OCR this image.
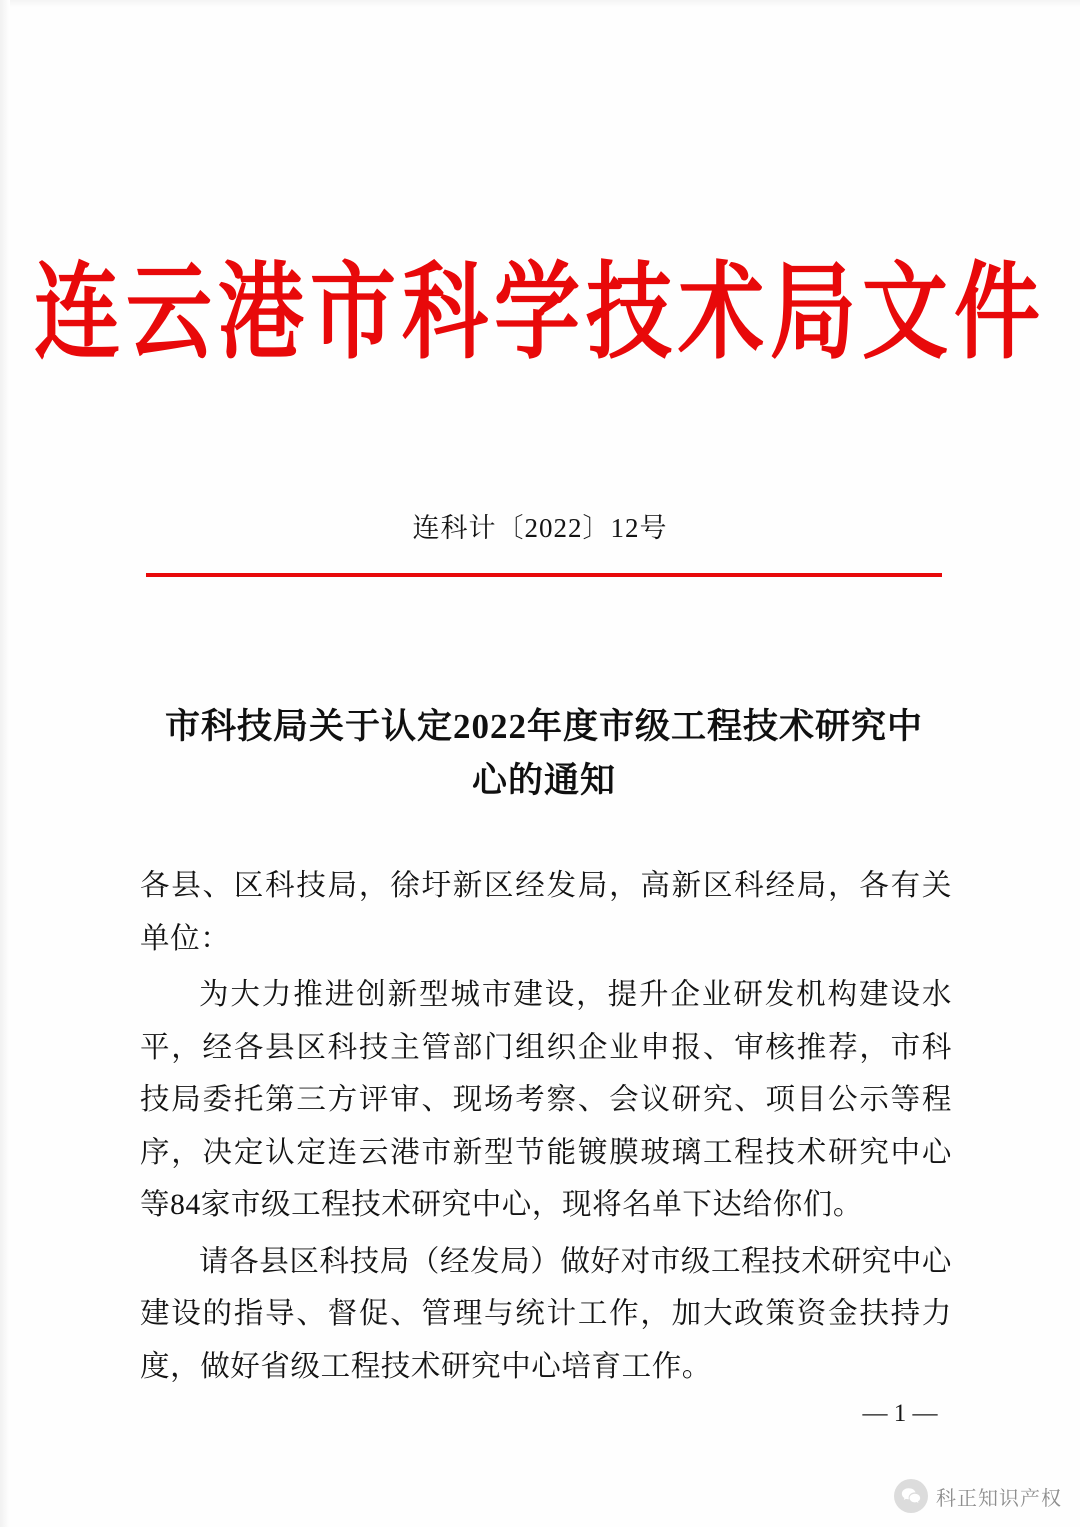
连云港市科学技术局文件
连科计〔2022〕12号
市科技局关于认定2022年度市级工程技术研究中心的通知

各县、区科技局，徐圩新区经发局，高新区科经局，各有关单位：

为大力推进创新型城市建设，提升企业研发机构建设水平，经各县区科技主管部门组织企业申报、审核推荐，市科技局委托第三方评审、现场考察、会议研究、项目公示等程序，决定认定连云港市新型节能镀膜玻璃工程技术研究中心等84家市级工程技术研究中心，现将名单下达给你们。

请各县区科技局（经发局）做好对市级工程技术研究中心建设的指导、督促、管理与统计工作，加大政策资金扶持力度，做好省级工程技术研究中心培育工作。

— 1 —
科正知识产权
